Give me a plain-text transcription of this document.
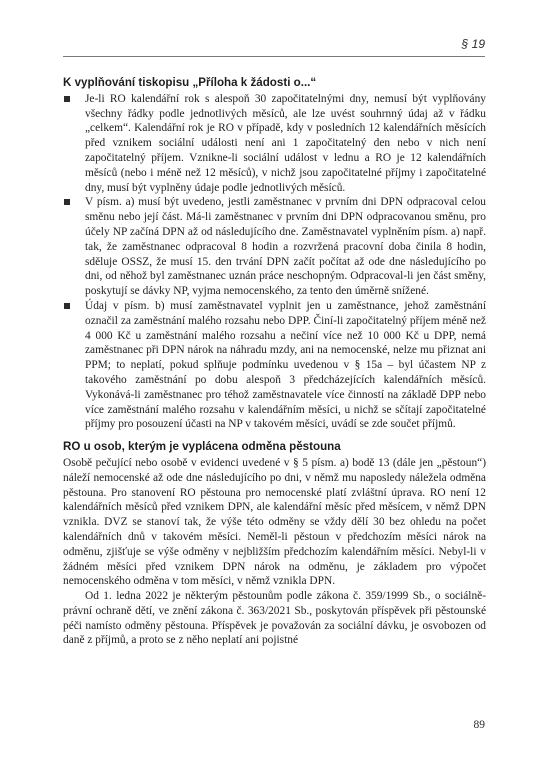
§ 19
K vyplňování tiskopisu „Příloha k žádosti o...“
Je-li RO kalendářní rok s alespoň 30 započitatelnými dny, nemusí být vyplňovány všechny řádky podle jednotlivých měsíců, ale lze uvést souhrnný údaj až v řádku „celkem“. Kalendářní rok je RO v případě, kdy v posledních 12 kalendářních měsících před vznikem sociální události není ani 1 započitatelný den nebo v nich není započitatelný příjem. Vznikne-li sociální událost v lednu a RO je 12 kalendářních měsíců (nebo i méně než 12 měsíců), v nichž jsou započitatelné příjmy i započitatelné dny, musí být vyplněny údaje podle jednotlivých měsíců.
V písm. a) musí být uvedeno, jestli zaměstnanec v prvním dni DPN odpracoval celou směnu nebo její část. Má-li zaměstnanec v prvním dni DPN odpracovanou směnu, pro účely NP začíná DPN až od následujícího dne. Zaměstnavatel vyplněním písm. a) např. tak, že zaměstnanec odpracoval 8 hodin a rozvržená pracovní doba činila 8 hodin, sděluje OSSZ, že musí 15. den trvání DPN začít počítat až ode dne následujícího po dni, od něhož byl zaměstnanec uznán práce neschopným. Odpracoval-li jen část směny, poskytují se dávky NP, vyjma nemocenského, za tento den úměrně snížené.
Údaj v písm. b) musí zaměstnavatel vyplnit jen u zaměstnance, jehož zaměstnání označil za zaměstnání malého rozsahu nebo DPP. Činí-li započitatelný příjem méně než 4 000 Kč u zaměstnání malého rozsahu a nečiní více než 10 000 Kč u DPP, nemá zaměstnanec při DPN nárok na náhradu mzdy, ani na nemocenské, nelze mu přiznat ani PPM; to neplatí, pokud splňuje podmínku uvedenou v § 15a – byl účastem NP z takového zaměstnání po dobu alespoň 3 předcházejících kalendářních měsíců. Vykonává-li zaměstnanec pro téhož zaměstnavatele více činností na základě DPP nebo více zaměstnání malého rozsahu v kalendářním měsíci, u nichž se sčítají započitatelné příjmy pro posouzení účasti na NP v takovém měsíci, uvádí se zde součet příjmů.
RO u osob, kterým je vyplácena odměna pěstouna

Osobě pečující nebo osobě v evidenci uvedené v § 5 písm. a) bodě 13 (dále jen „pěstoun“) náleží nemocenské až ode dne následujícího po dni, v němž mu naposledy náležela odměna pěstouna. Pro stanovení RO pěstouna pro nemocenské platí zvláštní úprava. RO není 12 kalendářních měsíců před vznikem DPN, ale kalendářní měsíc před měsícem, v němž DPN vznikla. DVZ se stanoví tak, že výše této odměny se vždy dělí 30 bez ohledu na počet kalendářních dnů v takovém měsíci. Neměl-li pěstoun v předchozím měsíci nárok na odměnu, zjišťuje se výše odměny v nejbližším předchozím kalendářním měsíci. Nebyl-li v žádném měsíci před vznikem DPN nárok na odměnu, je základem pro výpočet nemocenského odměna v tom měsíci, v němž vznikla DPN.

Od 1. ledna 2022 je některým pěstounům podle zákona č. 359/1999 Sb., o sociálně-právní ochraně dětí, ve znění zákona č. 363/2021 Sb., poskytován příspěvek při pěstounské péči namísto odměny pěstouna. Příspěvek je považován za sociální dávku, je osvobozen od daně z příjmů, a proto se z něho neplatí ani pojistné

89
